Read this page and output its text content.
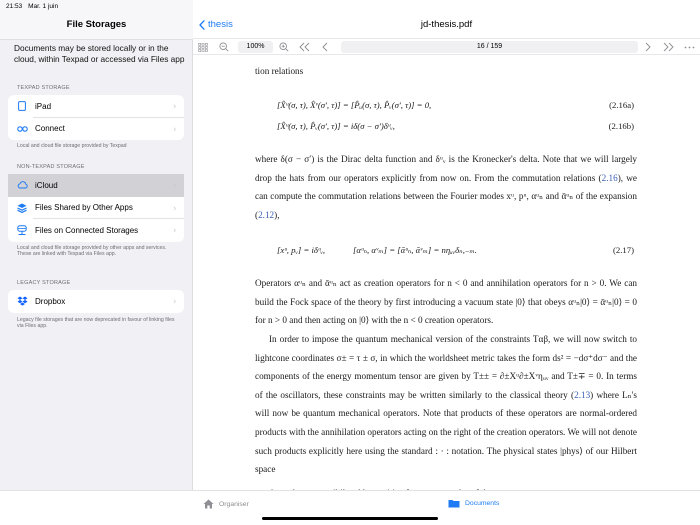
File Storages
Documents may be stored locally or in the cloud, within Texpad or accessed via Files app
TEXPAD STORAGE
iPad	›
Connect	›
Local and cloud file storage provided by Texpad
NON-TEXPAD STORAGE
iCloud	›
Files Shared by Other Apps	›
Files on Connected Storages	›
Local and cloud file storage provided by other apps and services. These are linked with Texpad via Files app.
LEGACY STORAGE
Dropbox	›
Legacy file storages that are now deprecated in favour of linking files via Files app.
21:53 Mar. 1 juin
thesis	jd-thesis.pdf
100%	16 / 159
tion relations
[X̂ᵘ(σ, τ), X̂ᵛ(σ′, τ)] = [P̂ᵤ(σ, τ), P̂ᵥ(σ′, τ)] = 0,	(2.16a)
[X̂ᵘ(σ, τ), P̂ᵥ(σ′, τ)] = iδ(σ − σ′)δᵘᵥ,	(2.16b)
where δ(σ − σ′) is the Dirac delta function and δᵘᵥ is the Kronecker's delta. Note that we will largely drop the hats from our operators explicitly from now on. From the commutation relations (2.16), we can compute the commutation relations between the Fourier modes xᵘ, pᵘ, αᵘₙ and ᾱᵘₙ of the expansion (2.12),
[xᵘ, pᵥ] = iδᵘᵥ,	[αᵘₙ, αᵛₘ] = [ᾱᵘₙ, ᾱᵛₘ] = nηᵤᵥδₙ,₋ₘ.	(2.17)
Operators αᵘₙ and ᾱᵘₙ act as creation operators for n < 0 and annihilation operators for n > 0. We can build the Fock space of the theory by first introducing a vacuum state |0⟩ that obeys αᵘₙ|0⟩ = ᾱᵘₙ|0⟩ = 0 for n > 0 and then acting on |0⟩ with the n < 0 creation operators.
In order to impose the quantum mechanical version of the constraints Tαβ, we will now switch to lightcone coordinates σ± = τ ± σ, in which the worldsheet metric takes the form ds² = −dσ⁺dσ⁻ and the components of the energy momentum tensor are given by T±± = ∂±Xᵘ∂±Xᵛηᵤᵥ and T±∓ = 0. In terms of the oscillators, these constraints may be written similarly to the classical theory (2.13) where Lₙ's will now be quantum mechanical operators. Note that products of these operators are normal-ordered products with the annihilation operators acting on the right of the creation operators. We will not denote such products explicitly here using the standard : · : notation. The physical states |phys⟩ of our Hilbert space
Organiser	Documents
